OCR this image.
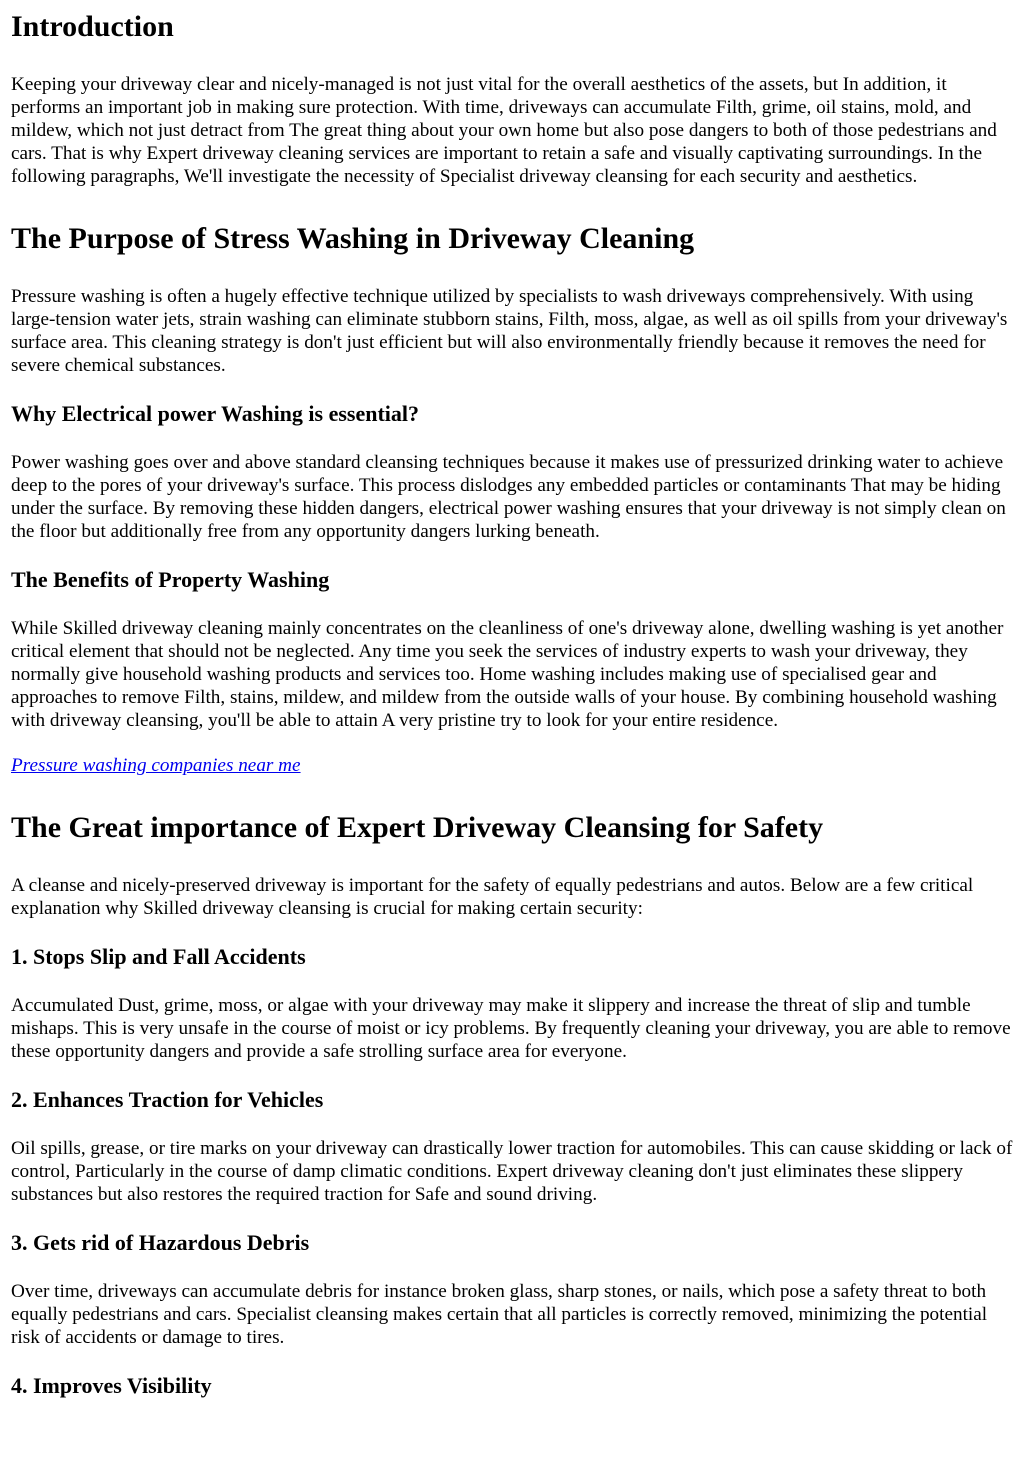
Introduction

Keeping your driveway clear and nicely-managed is not just vital for the overall aesthetics of the assets, but In addition, it performs an important job in making sure protection. With time, driveways can accumulate Filth, grime, oil stains, mold, and mildew, which not just detract from The great thing about your own home but also pose dangers to both of those pedestrians and cars. That is why Expert driveway cleaning services are important to retain a safe and visually captivating surroundings. In the following paragraphs, We'll investigate the necessity of Specialist driveway cleansing for each security and aesthetics.

The Purpose of Stress Washing in Driveway Cleaning

Pressure washing is often a hugely effective technique utilized by specialists to wash driveways comprehensively. With using large-tension water jets, strain washing can eliminate stubborn stains, Filth, moss, algae, as well as oil spills from your driveway's surface area. This cleaning strategy is don't just efficient but will also environmentally friendly because it removes the need for severe chemical substances.

Why Electrical power Washing is essential?

Power washing goes over and above standard cleansing techniques because it makes use of pressurized drinking water to achieve deep to the pores of your driveway's surface. This process dislodges any embedded particles or contaminants That may be hiding under the surface. By removing these hidden dangers, electrical power washing ensures that your driveway is not simply clean on the floor but additionally free from any opportunity dangers lurking beneath.

The Benefits of Property Washing

While Skilled driveway cleaning mainly concentrates on the cleanliness of one's driveway alone, dwelling washing is yet another critical element that should not be neglected. Any time you seek the services of industry experts to wash your driveway, they normally give household washing products and services too. Home washing includes making use of specialised gear and approaches to remove Filth, stains, mildew, and mildew from the outside walls of your house. By combining household washing with driveway cleansing, you'll be able to attain A very pristine try to look for your entire residence.

Pressure washing companies near me

The Great importance of Expert Driveway Cleansing for Safety

A cleanse and nicely-preserved driveway is important for the safety of equally pedestrians and autos. Below are a few critical explanation why Skilled driveway cleansing is crucial for making certain security:

1. Stops Slip and Fall Accidents

Accumulated Dust, grime, moss, or algae with your driveway may make it slippery and increase the threat of slip and tumble mishaps. This is very unsafe in the course of moist or icy problems. By frequently cleaning your driveway, you are able to remove these opportunity dangers and provide a safe strolling surface area for everyone.

2. Enhances Traction for Vehicles

Oil spills, grease, or tire marks on your driveway can drastically lower traction for automobiles. This can cause skidding or lack of control, Particularly in the course of damp climatic conditions. Expert driveway cleaning don't just eliminates these slippery substances but also restores the required traction for Safe and sound driving.

3. Gets rid of Hazardous Debris

Over time, driveways can accumulate debris for instance broken glass, sharp stones, or nails, which pose a safety threat to both equally pedestrians and cars. Specialist cleansing makes certain that all particles is correctly removed, minimizing the potential risk of accidents or damage to tires.

4. Improves Visibility
